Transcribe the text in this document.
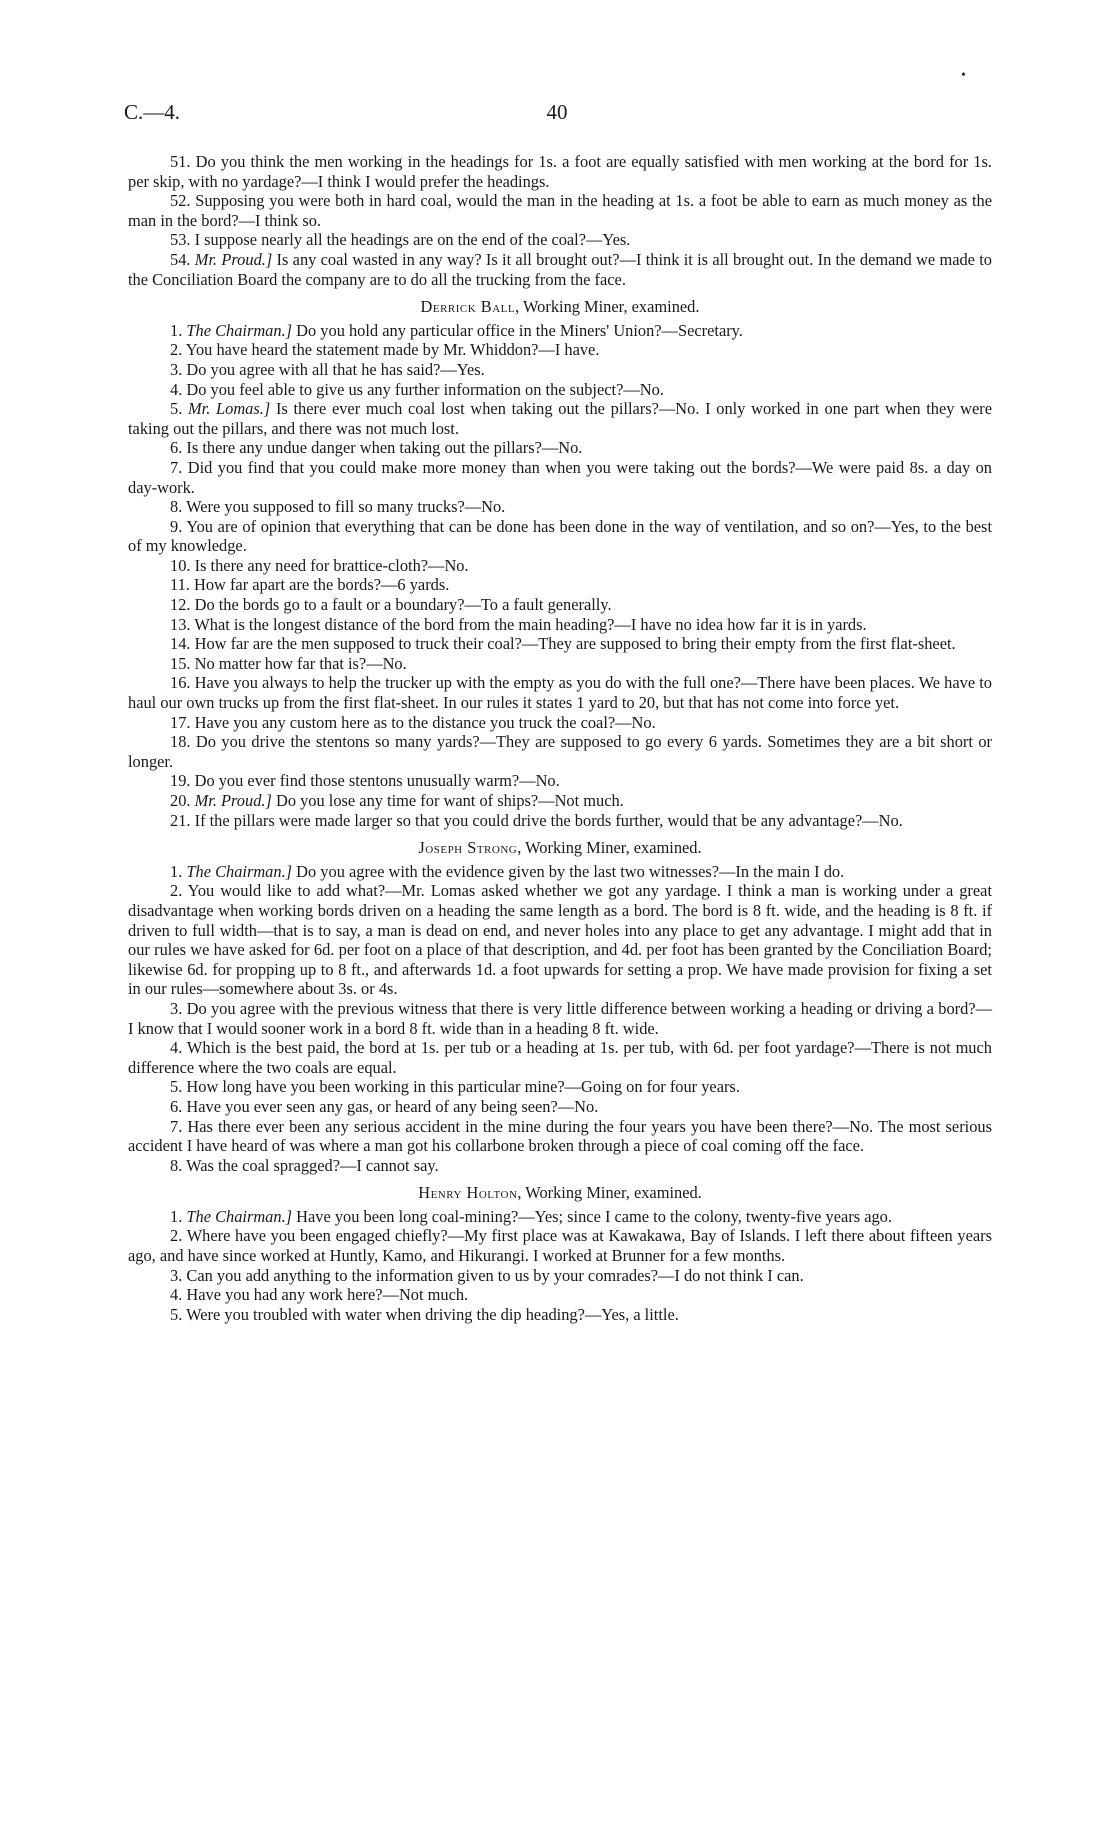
C.—4.	40
•

51. Do you think the men working in the headings for 1s. a foot are equally satisfied with men working at the bord for 1s. per skip, with no yardage?—I think I would prefer the headings.

52. Supposing you were both in hard coal, would the man in the heading at 1s. a foot be able to earn as much money as the man in the bord?—I think so.

53. I suppose nearly all the headings are on the end of the coal?—Yes.

54. Mr. Proud.] Is any coal wasted in any way? Is it all brought out?—I think it is all brought out. In the demand we made to the Conciliation Board the company are to do all the trucking from the face.

Derrick Ball, Working Miner, examined.

1. The Chairman.] Do you hold any particular office in the Miners' Union?—Secretary.

2. You have heard the statement made by Mr. Whiddon?—I have.

3. Do you agree with all that he has said?—Yes.

4. Do you feel able to give us any further information on the subject?—No.

5. Mr. Lomas.] Is there ever much coal lost when taking out the pillars?—No. I only worked in one part when they were taking out the pillars, and there was not much lost.

6. Is there any undue danger when taking out the pillars?—No.

7. Did you find that you could make more money than when you were taking out the bords?—We were paid 8s. a day on day-work.

8. Were you supposed to fill so many trucks?—No.

9. You are of opinion that everything that can be done has been done in the way of ventilation, and so on?—Yes, to the best of my knowledge.

10. Is there any need for brattice-cloth?—No.

11. How far apart are the bords?—6 yards.

12. Do the bords go to a fault or a boundary?—To a fault generally.

13. What is the longest distance of the bord from the main heading?—I have no idea how far it is in yards.

14. How far are the men supposed to truck their coal?—They are supposed to bring their empty from the first flat-sheet.

15. No matter how far that is?—No.

16. Have you always to help the trucker up with the empty as you do with the full one?—There have been places. We have to haul our own trucks up from the first flat-sheet. In our rules it states 1 yard to 20, but that has not come into force yet.

17. Have you any custom here as to the distance you truck the coal?—No.

18. Do you drive the stentons so many yards?—They are supposed to go every 6 yards. Sometimes they are a bit short or longer.

19. Do you ever find those stentons unusually warm?—No.

20. Mr. Proud.] Do you lose any time for want of ships?—Not much.

21. If the pillars were made larger so that you could drive the bords further, would that be any advantage?—No.

Joseph Strong, Working Miner, examined.

1. The Chairman.] Do you agree with the evidence given by the last two witnesses?—In the main I do.

2. You would like to add what?—Mr. Lomas asked whether we got any yardage. I think a man is working under a great disadvantage when working bords driven on a heading the same length as a bord. The bord is 8 ft. wide, and the heading is 8 ft. if driven to full width—that is to say, a man is dead on end, and never holes into any place to get any advantage. I might add that in our rules we have asked for 6d. per foot on a place of that description, and 4d. per foot has been granted by the Conciliation Board; likewise 6d. for propping up to 8 ft., and afterwards 1d. a foot upwards for setting a prop. We have made provision for fixing a set in our rules—somewhere about 3s. or 4s.

3. Do you agree with the previous witness that there is very little difference between working a heading or driving a bord?—I know that I would sooner work in a bord 8 ft. wide than in a heading 8 ft. wide.

4. Which is the best paid, the bord at 1s. per tub or a heading at 1s. per tub, with 6d. per foot yardage?—There is not much difference where the two coals are equal.

5. How long have you been working in this particular mine?—Going on for four years.

6. Have you ever seen any gas, or heard of any being seen?—No.

7. Has there ever been any serious accident in the mine during the four years you have been there?—No. The most serious accident I have heard of was where a man got his collarbone broken through a piece of coal coming off the face.

8. Was the coal spragged?—I cannot say.

Henry Holton, Working Miner, examined.

1. The Chairman.] Have you been long coal-mining?—Yes; since I came to the colony, twenty-five years ago.

2. Where have you been engaged chiefly?—My first place was at Kawakawa, Bay of Islands. I left there about fifteen years ago, and have since worked at Huntly, Kamo, and Hikurangi. I worked at Brunner for a few months.

3. Can you add anything to the information given to us by your comrades?—I do not think I can.

4. Have you had any work here?—Not much.

5. Were you troubled with water when driving the dip heading?—Yes, a little.
